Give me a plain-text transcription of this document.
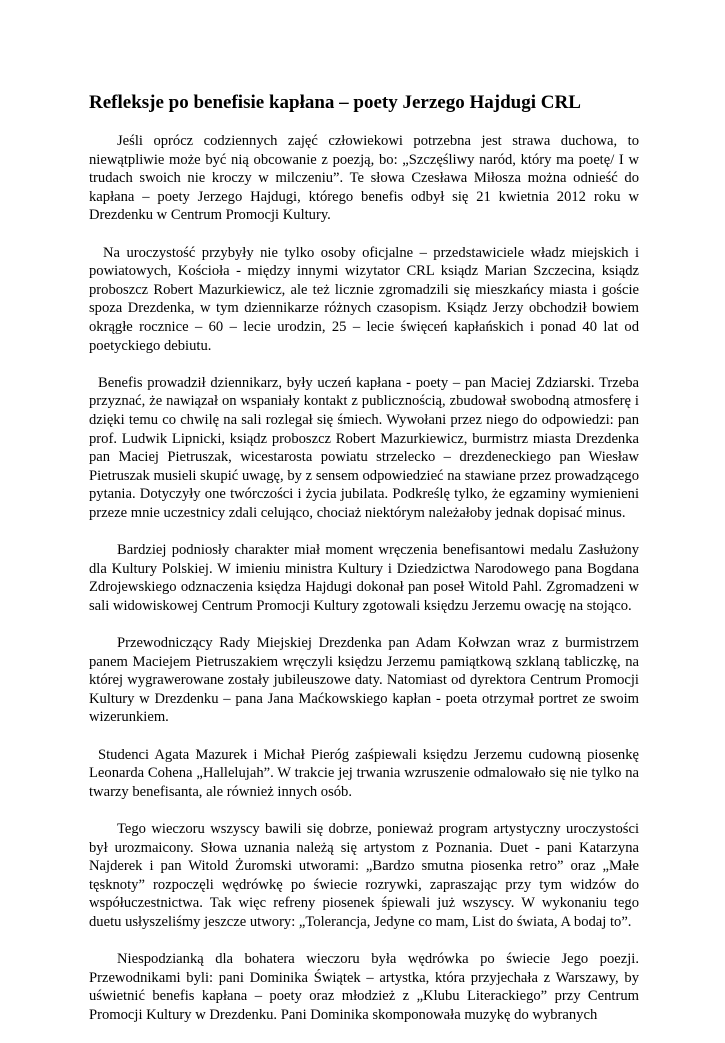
Refleksje po benefisie kapłana – poety Jerzego Hajdugi CRL

Jeśli oprócz codziennych zajęć człowiekowi potrzebna jest strawa duchowa, to niewątpliwie może być nią obcowanie z poezją, bo: „Szczęśliwy naród, który ma poetę/ I w trudach swoich nie kroczy w milczeniu”. Te słowa Czesława Miłosza można odnieść do kapłana – poety Jerzego Hajdugi, którego benefis odbył się 21 kwietnia 2012 roku w Drezdenku w Centrum Promocji Kultury.

Na uroczystość przybyły nie tylko osoby oficjalne – przedstawiciele władz miejskich i powiatowych, Kościoła - między innymi wizytator CRL ksiądz Marian Szczecina, ksiądz proboszcz Robert Mazurkiewicz, ale też licznie zgromadzili się mieszkańcy miasta i goście spoza Drezdenka, w tym dziennikarze różnych czasopism. Ksiądz Jerzy obchodził bowiem okrągłe rocznice – 60 – lecie urodzin, 25 – lecie święceń kapłańskich i ponad 40 lat od poetyckiego debiutu.

Benefis prowadził dziennikarz, były uczeń kapłana - poety – pan Maciej Zdziarski. Trzeba przyznać, że nawiązał on wspaniały kontakt z publicznością, zbudował swobodną atmosferę i dzięki temu co chwilę na sali rozlegał się śmiech. Wywołani przez niego do odpowiedzi: pan prof. Ludwik Lipnicki, ksiądz proboszcz Robert Mazurkiewicz, burmistrz miasta Drezdenka pan Maciej Pietruszak, wicestarosta powiatu strzelecko – drezdeneckiego pan Wiesław Pietruszak musieli skupić uwagę, by z sensem odpowiedzieć na stawiane przez prowadzącego pytania. Dotyczyły one twórczości i życia jubilata. Podkreślę tylko, że egzaminy wymienieni przeze mnie uczestnicy zdali celująco, chociaż niektórym należałoby jednak dopisać minus.

Bardziej podniosły charakter miał moment wręczenia benefisantowi medalu Zasłużony dla Kultury Polskiej. W imieniu ministra Kultury i Dziedzictwa Narodowego pana Bogdana Zdrojewskiego odznaczenia księdza Hajdugi dokonał pan poseł Witold Pahl. Zgromadzeni w sali widowiskowej Centrum Promocji Kultury zgotowali księdzu Jerzemu owację na stojąco.

Przewodniczący Rady Miejskiej Drezdenka pan Adam Kołwzan wraz z burmistrzem panem Maciejem Pietruszakiem wręczyli księdzu Jerzemu pamiątkową szklaną tabliczkę, na której wygrawerowane zostały jubileuszowe daty. Natomiast od dyrektora Centrum Promocji Kultury w Drezdenku – pana Jana Maćkowskiego kapłan - poeta otrzymał portret ze swoim wizerunkiem.

Studenci Agata Mazurek i Michał Pieróg zaśpiewali księdzu Jerzemu cudowną piosenkę Leonarda Cohena „Hallelujah”. W trakcie jej trwania wzruszenie odmalowało się nie tylko na twarzy benefisanta, ale również innych osób.

Tego wieczoru wszyscy bawili się dobrze, ponieważ program artystyczny uroczystości był urozmaicony. Słowa uznania należą się artystom z Poznania. Duet - pani Katarzyna Najderek i pan Witold Żuromski utworami: „Bardzo smutna piosenka retro” oraz „Małe tęsknoty” rozpoczęli wędrówkę po świecie rozrywki, zapraszając przy tym widzów do współuczestnictwa. Tak więc refreny piosenek śpiewali już wszyscy. W wykonaniu tego duetu usłyszeliśmy jeszcze utwory: „Tolerancja, Jedyne co mam, List do świata, A bodaj to”.

Niespodzianką dla bohatera wieczoru była wędrówka po świecie Jego poezji. Przewodnikami byli: pani Dominika Świątek – artystka, która przyjechała z Warszawy, by uświetnić benefis kapłana – poety oraz młodzież z „Klubu Literackiego” przy Centrum Promocji Kultury w Drezdenku. Pani Dominika skomponowała muzykę do wybranych
